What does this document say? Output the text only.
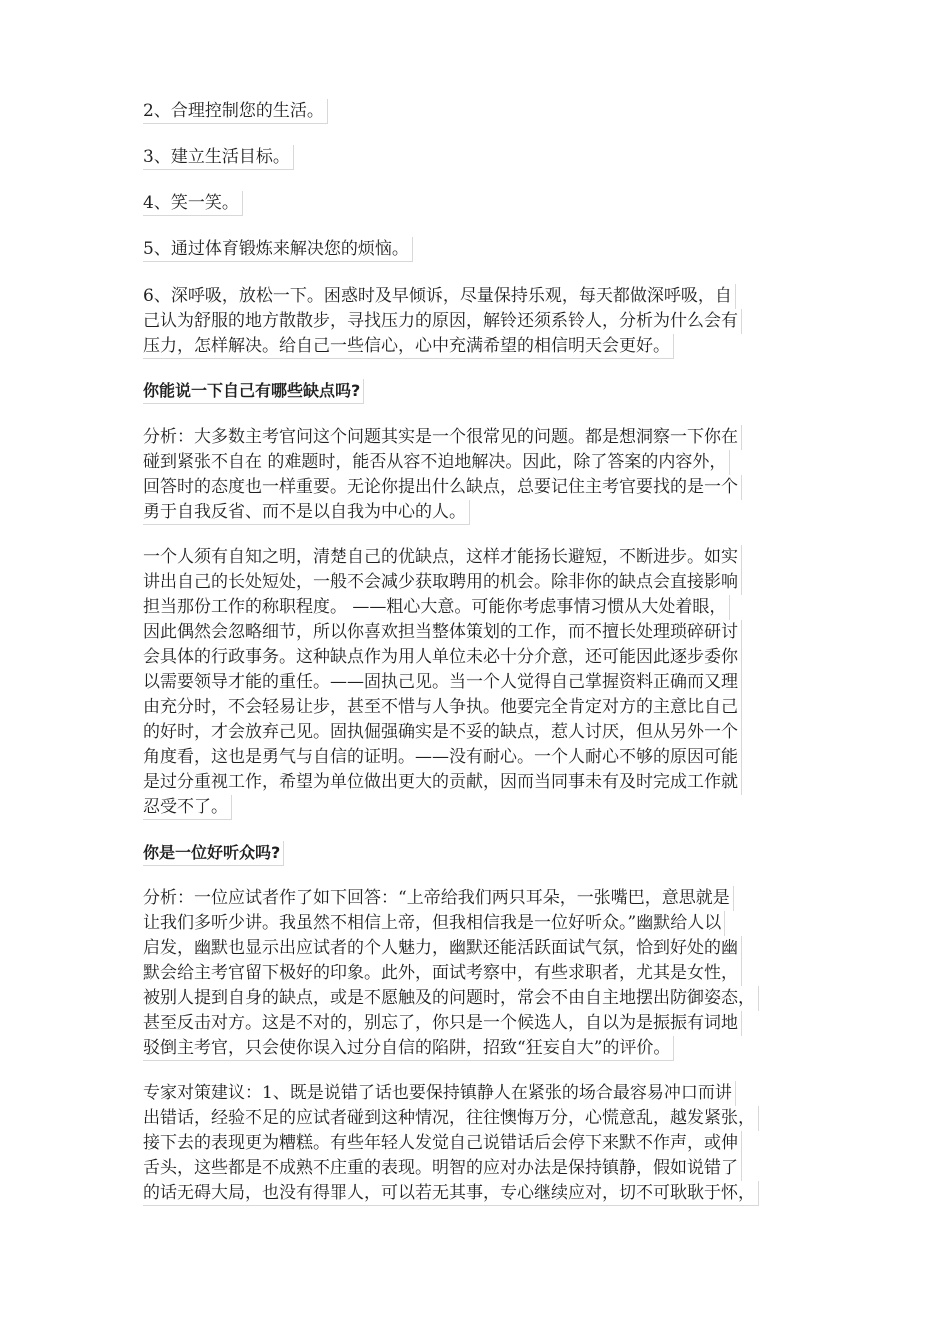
2、合理控制您的生活。
3、建立生活目标。
4、笑一笑。
5、通过体育锻炼来解决您的烦恼。
6、深呼吸，放松一下。困惑时及早倾诉，尽量保持乐观，每天都做深呼吸，自
己认为舒服的地方散散步，寻找压力的原因，解铃还须系铃人，分析为什么会有
压力，怎样解决。给自己一些信心，心中充满希望的相信明天会更好。
你能说一下自己有哪些缺点吗?
分析：大多数主考官问这个问题其实是一个很常见的问题。都是想洞察一下你在
碰到紧张不自在 的难题时，能否从容不迫地解决。因此，除了答案的内容外，
回答时的态度也一样重要。无论你提出什么缺点，总要记住主考官要找的是一个
勇于自我反省、而不是以自我为中心的人。
一个人须有自知之明，清楚自己的优缺点，这样才能扬长避短，不断进步。如实
讲出自己的长处短处，一般不会减少获取聘用的机会。除非你的缺点会直接影响
担当那份工作的称职程度。 ——粗心大意。可能你考虑事情习惯从大处着眼，
因此偶然会忽略细节，所以你喜欢担当整体策划的工作，而不擅长处理琐碎研讨
会具体的行政事务。这种缺点作为用人单位未必十分介意，还可能因此逐步委你
以需要领导才能的重任。——固执己见。当一个人觉得自己掌握资料正确而又理
由充分时，不会轻易让步，甚至不惜与人争执。他要完全肯定对方的主意比自己
的好时，才会放弃己见。固执倔强确实是不妥的缺点，惹人讨厌，但从另外一个
角度看，这也是勇气与自信的证明。——没有耐心。一个人耐心不够的原因可能
是过分重视工作，希望为单位做出更大的贡献，因而当同事未有及时完成工作就
忍受不了。
你是一位好听众吗?
分析：一位应试者作了如下回答：“上帝给我们两只耳朵，一张嘴巴，意思就是
让我们多听少讲。我虽然不相信上帝，但我相信我是一位好听众。”幽默给人以
启发，幽默也显示出应试者的个人魅力，幽默还能活跃面试气氛，恰到好处的幽
默会给主考官留下极好的印象。此外，面试考察中，有些求职者，尤其是女性，
被别人提到自身的缺点，或是不愿触及的问题时，常会不由自主地摆出防御姿态，
甚至反击对方。这是不对的，别忘了，你只是一个候选人，自以为是振振有词地
驳倒主考官，只会使你误入过分自信的陷阱，招致“狂妄自大”的评价。
专家对策建议：1、既是说错了话也要保持镇静人在紧张的场合最容易冲口而讲
出错话，经验不足的应试者碰到这种情况，往往懊悔万分，心慌意乱，越发紧张，
接下去的表现更为糟糕。有些年轻人发觉自己说错话后会停下来默不作声，或伸
舌头，这些都是不成熟不庄重的表现。明智的应对办法是保持镇静，假如说错了
的话无碍大局，也没有得罪人，可以若无其事，专心继续应对，切不可耿耿于怀，
